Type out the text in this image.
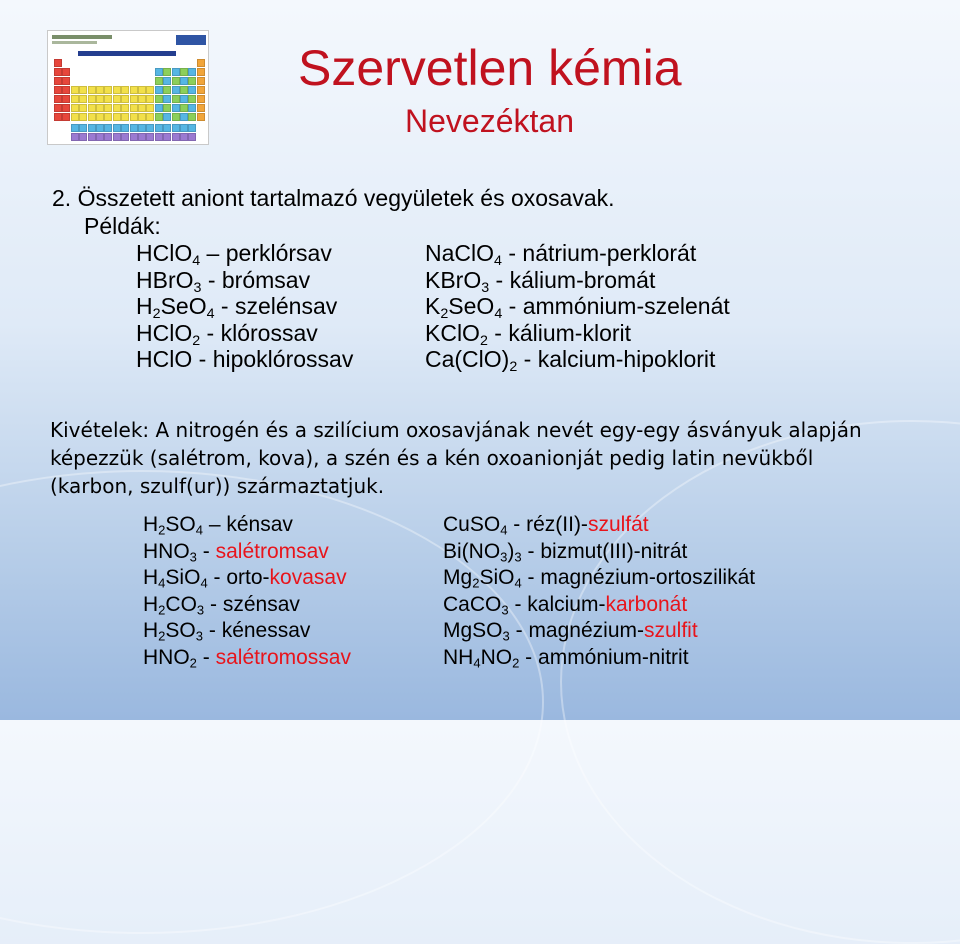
Szervetlen kémia
Nevezéktan
2. Összetett aniont tartalmazó vegyületek és oxosavak.
Példák:
HClO$_4$ – perklórsav
HBrO$_3$ - brómsav
$H_2SeO_4$ - szelénsav
HClO$_2$ - klórossav
HClO - hipoklórossav
NaClO$_4$ - nátrium-perklorát
KBrO$_3$ - kálium-bromát
$K_2SeO_4$ - ammónium-szelenát
KClO$_2$ - kálium-klorit
$Ca(ClO)_2$ - kalcium-hipoklorit

Kivételek: A nitrogén és a szilícium oxosavjának nevét egy-egy ásványuk alapján

képezzük (salétrom, kova), a szén és a kén oxoanionját pedig latin nevükből

(karbon, szulf(ur)) származtatjuk.

$H_2SO_4$ – kénsav
$HNO_3$ - salétromsav
$H_4SiO_4$ - orto-kovasav
$H_2CO_3$ - szénsav
$H_2SO_3$ - kénessav
$HNO_2$ - salétromossav
CuSO$_4$ - réz(II)-szulfát
$Bi(NO_3)_3$ - bizmut(III)-nitrát
$Mg_2SiO_4$ - magnézium-ortoszilikát
CaCO$_3$ - kalcium-karbonát
MgSO$_3$ - magnézium-szulfit
$NH_4NO_2$ - ammónium-nitrit
